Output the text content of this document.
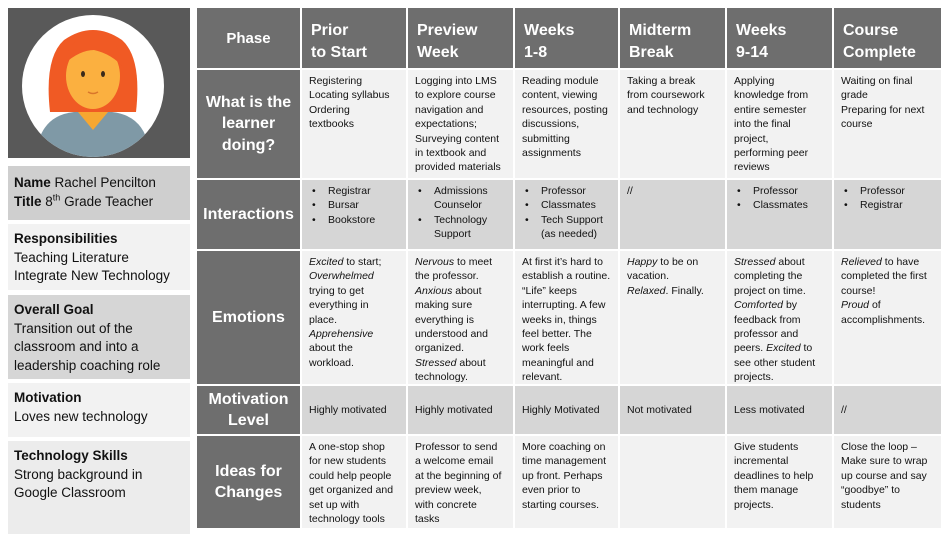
Name Rachel Pencilton
Title 8th Grade Teacher
Responsibilities
Teaching Literature
Integrate New Technology
Overall Goal
Transition out of the
classroom and into a
leadership coaching role
Motivation
Loves new technology
Technology Skills
Strong background in
Google Classroom
Phase	Prior
to Start
Preview
Week
Weeks
1-8
Midterm
Break
Weeks
9-14
Course
Complete
What is the
learner
doing?
Registering
Locating syllabus
Ordering
textbooks
Logging into LMS
to explore course
navigation and
expectations;
Surveying content
in textbook and
provided materials
Reading module
content, viewing
resources, posting
discussions,
submitting
assignments
Taking a break
from coursework
and technology
Applying
knowledge from
entire semester
into the final
project,
performing peer
reviews
Waiting on final
grade
Preparing for next
course
Interactions
• Registrar
• Bursar
• Bookstore
• Admissions Counselor
• Technology Support
• Professor
• Classmates
• Tech Support (as needed)
//
•	Professor
• Classmates
• Professor
• Registrar
Emotions
Excited to start;
Overwhelmed
trying to get
everything in
place.
Apprehensive
about the
workload.
Nervous to meet
the professor.
Anxious about
making sure
everything is
understood and
organized.
Stressed about
technology.
At first it’s hard to
establish a routine.
“Life” keeps
interrupting. A few
weeks in, things
feel better. The
work feels
meaningful and
relevant.
Happy to be on
vacation.
Relaxed. Finally.
Stressed about
completing the
project on time.
Comforted by
feedback from
professor and
peers. Excited to
see other student
projects.
Relieved to have
completed the first
course!
Proud of
accomplishments.
Motivation
Level
Highly motivated	Highly motivated	Highly Motivated	Not motivated	Less motivated	//
Ideas for
Changes
A one-stop shop
for new students
could help people
get organized and
set up with
technology tools
Professor to send
a welcome email
at the beginning of
preview week,
with concrete
tasks
More coaching on
time management
up front. Perhaps
even prior to
starting courses.
Give students
incremental
deadlines to help
them manage
projects.
Close the loop –
Make sure to wrap
up course and say
“goodbye” to
students
